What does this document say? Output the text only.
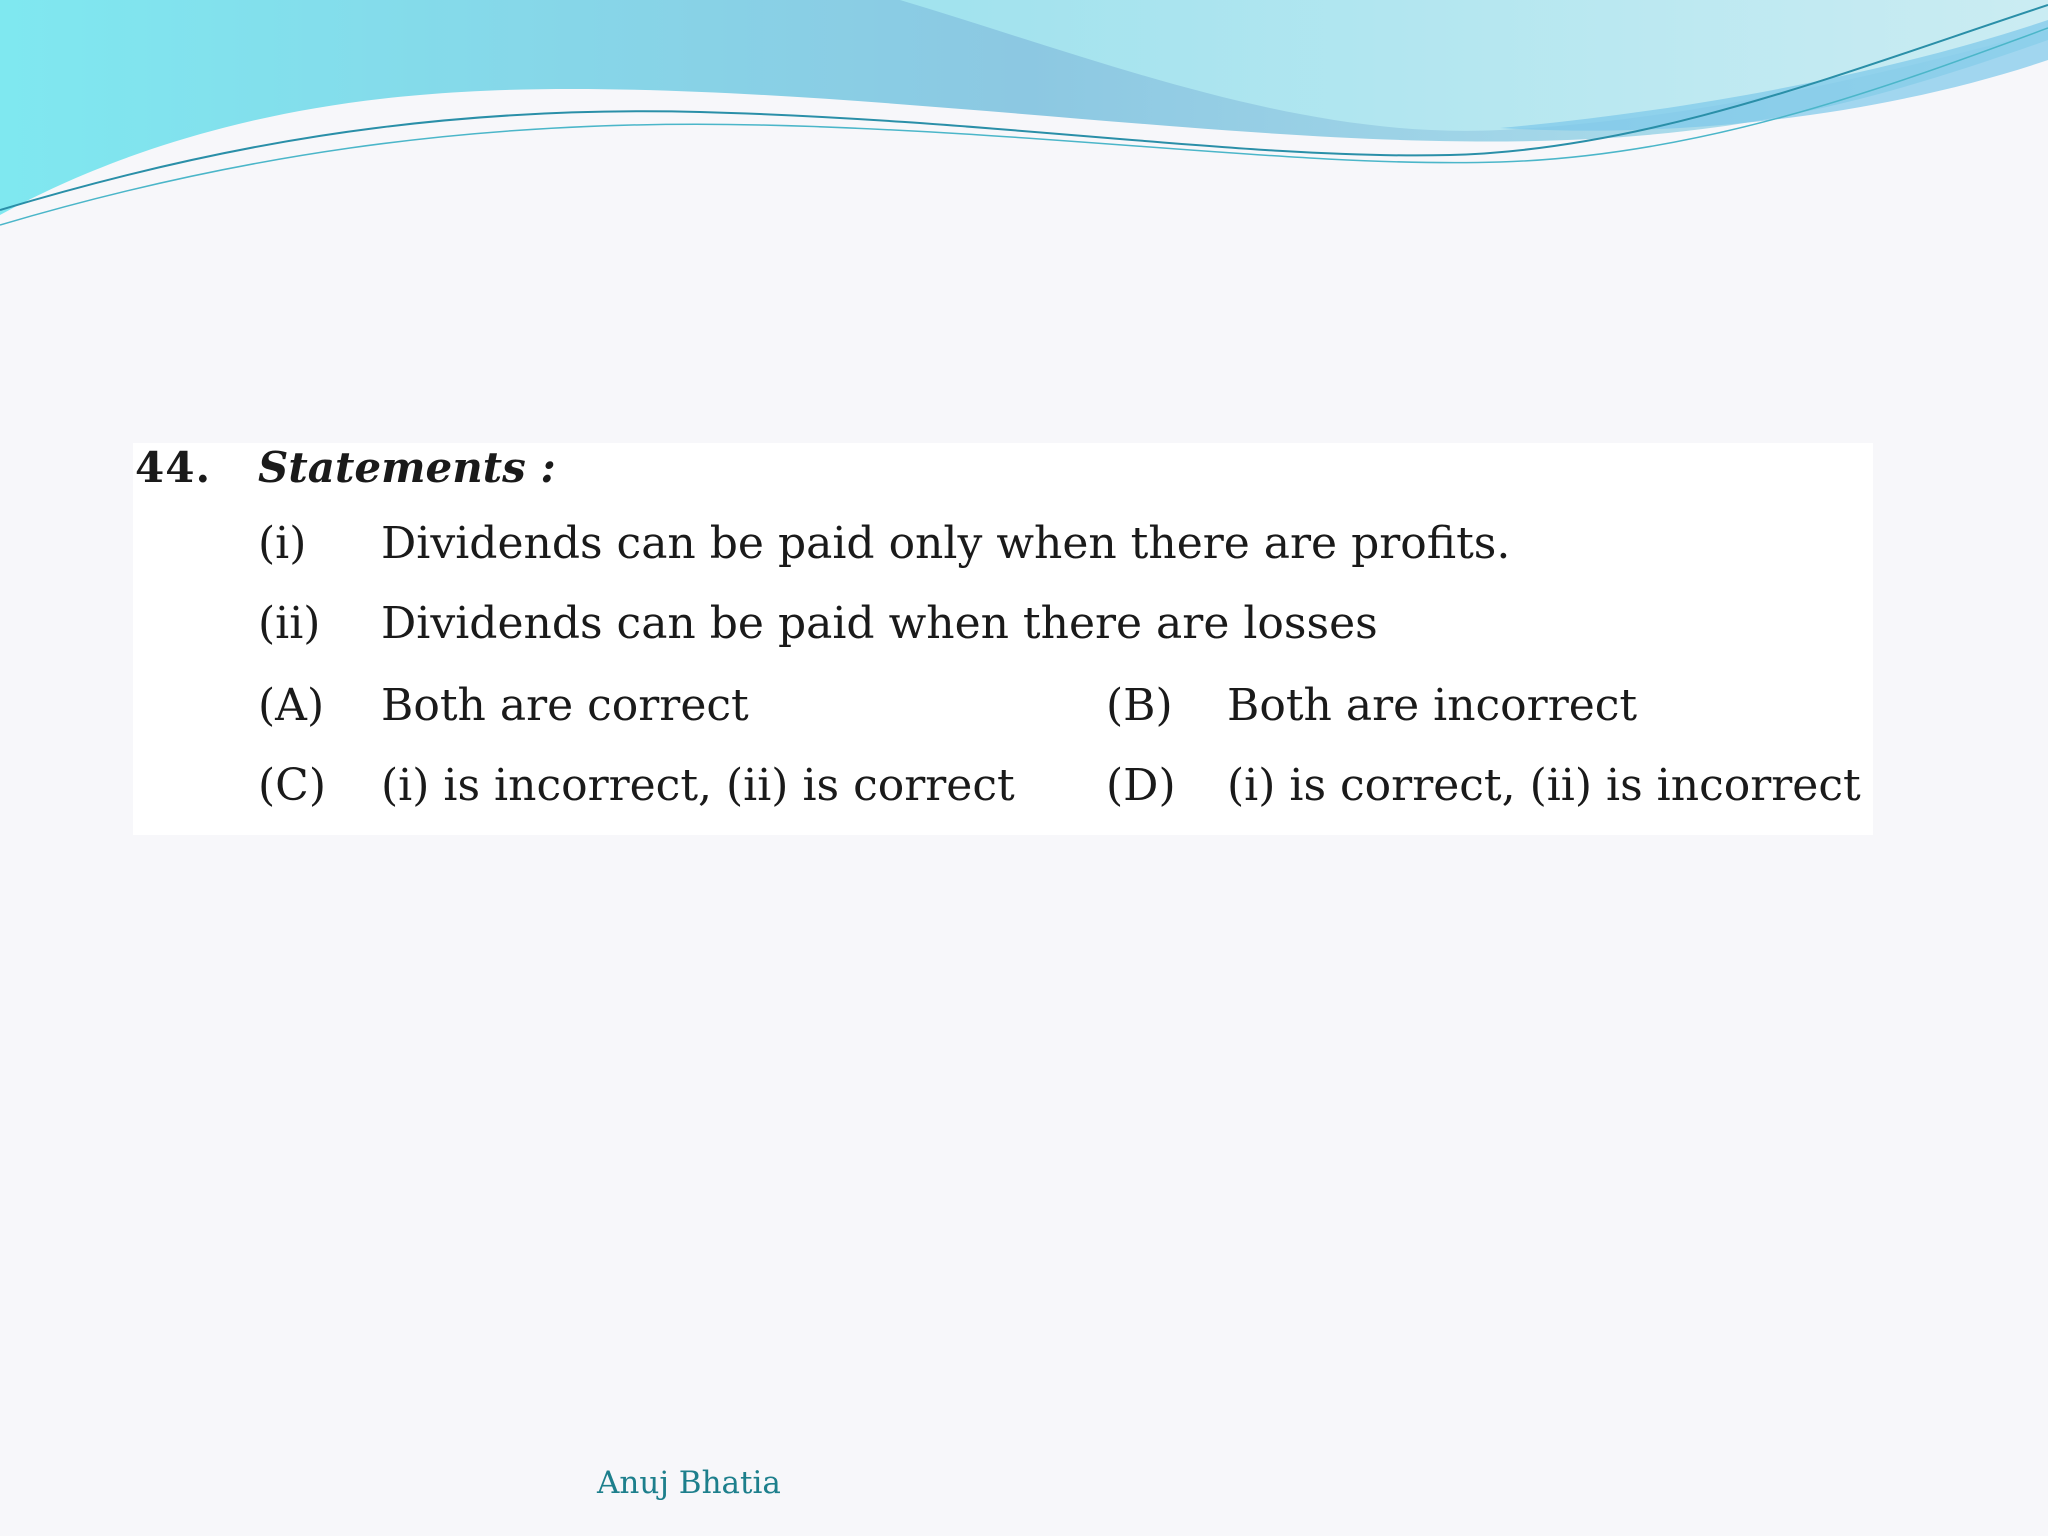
44. Statements :
(i) Dividends can be paid only when there are profits.
(ii) Dividends can be paid when there are losses
(A) Both are correct	(B) Both are incorrect
(C) (i) is incorrect, (ii) is correct (D) (i) is correct, (ii) is incorrect
Anuj Bhatia
